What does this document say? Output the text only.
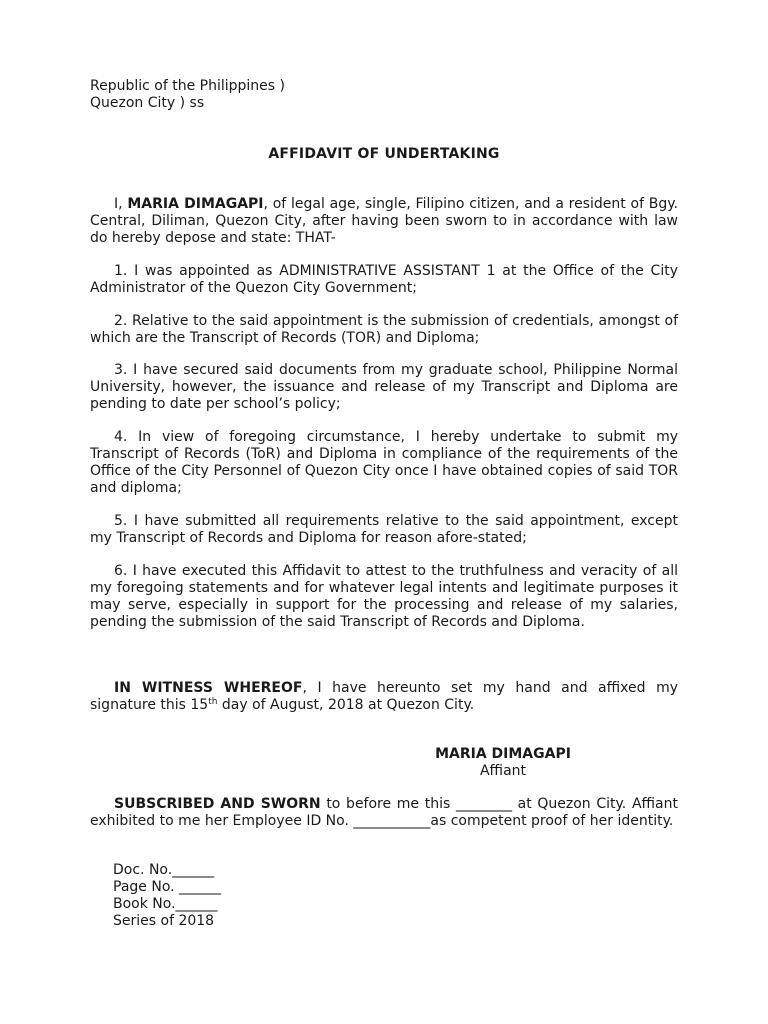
Republic of the Philippines )
Quezon City ) ss
AFFIDAVIT OF UNDERTAKING

I, MARIA DIMAGAPI, of legal age, single, Filipino citizen, and a resident of Bgy. Central, Diliman, Quezon City, after having been sworn to in accordance with law do hereby depose and state: THAT-

1. I was appointed as ADMINISTRATIVE ASSISTANT 1 at the Office of the City Administrator of the Quezon City Government;

2. Relative to the said appointment is the submission of credentials, amongst of which are the Transcript of Records (TOR) and Diploma;

3. I have secured said documents from my graduate school, Philippine Normal University, however, the issuance and release of my Transcript and Diploma are pending to date per school’s policy;

4. In view of foregoing circumstance, I hereby undertake to submit my Transcript of Records (ToR) and Diploma in compliance of the requirements of the Office of the City Personnel of Quezon City once I have obtained copies of said TOR and diploma;

5. I have submitted all requirements relative to the said appointment, except my Transcript of Records and Diploma for reason afore-stated;

6. I have executed this Affidavit to attest to the truthfulness and veracity of all my foregoing statements and for whatever legal intents and legitimate purposes it may serve, especially in support for the processing and release of my salaries, pending the submission of the said Transcript of Records and Diploma.

IN WITNESS WHEREOF, I have hereunto set my hand and affixed my signature this 15th day of August, 2018 at Quezon City.

MARIA DIMAGAPI
Affiant

SUBSCRIBED AND SWORN to before me this ________ at Quezon City. Affiant exhibited to me her Employee ID No. ___________as competent proof of her identity.

Doc. No.______
Page No. ______
Book No.______
Series of 2018
